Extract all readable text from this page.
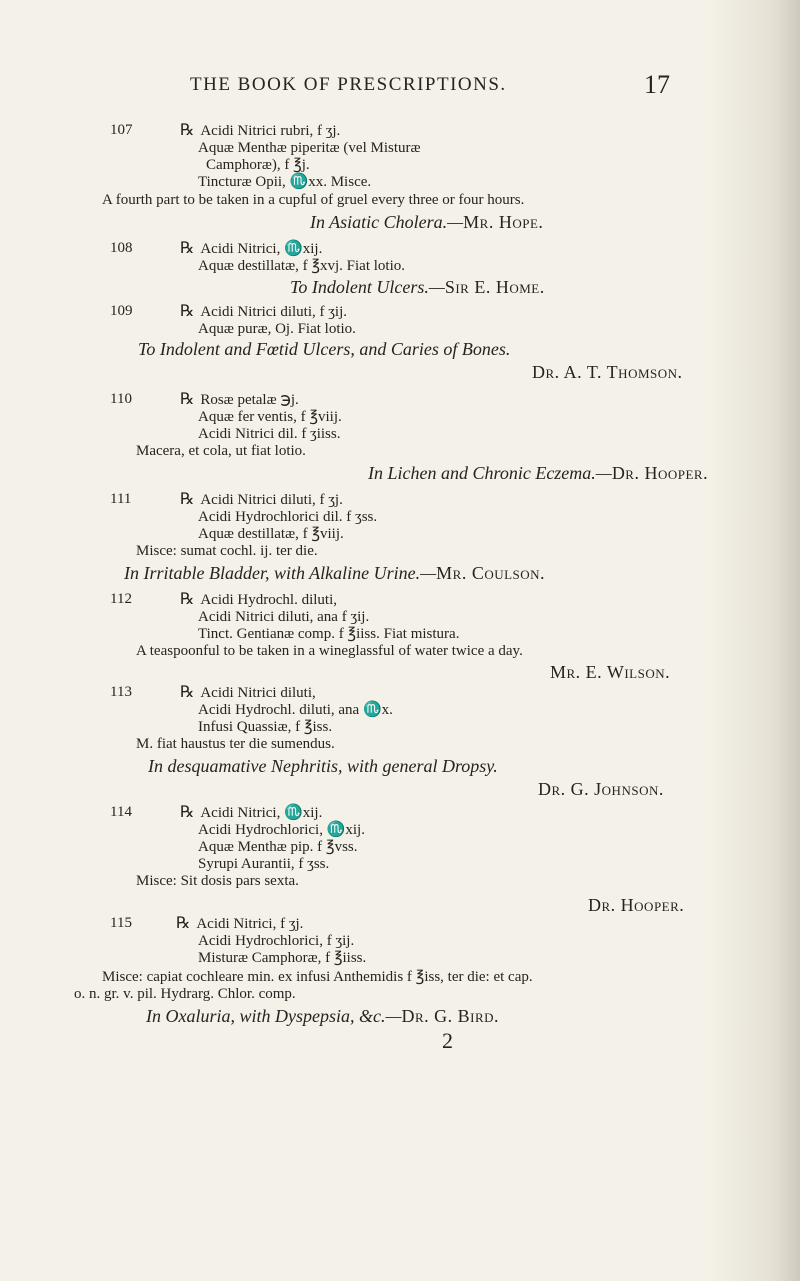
THE BOOK OF PRESCRIPTIONS.	17
107	℞ Acidi Nitrici rubri, f ʒj.
Aquæ Menthæ piperitæ (vel Misturæ
Camphoræ), f ℥j.
Tincturæ Opii, ♏xx. Misce.
A fourth part to be taken in a cupful of gruel every three or four hours.
In Asiatic Cholera.—Mr. Hope.
108	℞ Acidi Nitrici, ♏xij.
Aquæ destillatæ, f ℥xvj. Fiat lotio.
To Indolent Ulcers.—Sir E. Home.
109	℞ Acidi Nitrici diluti, f ʒij.
Aquæ puræ, Oj. Fiat lotio.
To Indolent and Fœtid Ulcers, and Caries of Bones.
Dr. A. T. Thomson.
110	℞ Rosæ petalæ ℈j.
Aquæ fer ventis, f ℥viij.
Acidi Nitrici dil. f ʒiiss.
Macera, et cola, ut fiat lotio.
In Lichen and Chronic Eczema.—Dr. Hooper.
111	℞ Acidi Nitrici diluti, f ʒj.
Acidi Hydrochlorici dil. f ʒss.
Aquæ destillatæ, f ℥viij.
Misce: sumat cochl. ij. ter die.
In Irritable Bladder, with Alkaline Urine.—Mr. Coulson.
112	℞ Acidi Hydrochl. diluti,
Acidi Nitrici diluti, ana f ʒij.
Tinct. Gentianæ comp. f ℥iiss. Fiat mistura.
A teaspoonful to be taken in a wineglassful of water twice a day.
Mr. E. Wilson.
113	℞ Acidi Nitrici diluti,
Acidi Hydrochl. diluti, ana ♏x.
Infusi Quassiæ, f ℥iss.
M. fiat haustus ter die sumendus.
In desquamative Nephritis, with general Dropsy.
Dr. G. Johnson.
114	℞ Acidi Nitrici, ♏xij.
Acidi Hydrochlorici, ♏xij.
Aquæ Menthæ pip. f ℥vss.
Syrupi Aurantii, f ʒss.
Misce: Sit dosis pars sexta.
Dr. Hooper.
115	℞ Acidi Nitrici, f ʒj.
Acidi Hydrochlorici, f ʒij.
Misturæ Camphoræ, f ℥iiss.
Misce: capiat cochleare min. ex infusi Anthemidis f ℥iss, ter die: et cap.
o. n. gr. v. pil. Hydrarg. Chlor. comp.
In Oxaluria, with Dyspepsia, &c.—Dr. G. Bird.
2
